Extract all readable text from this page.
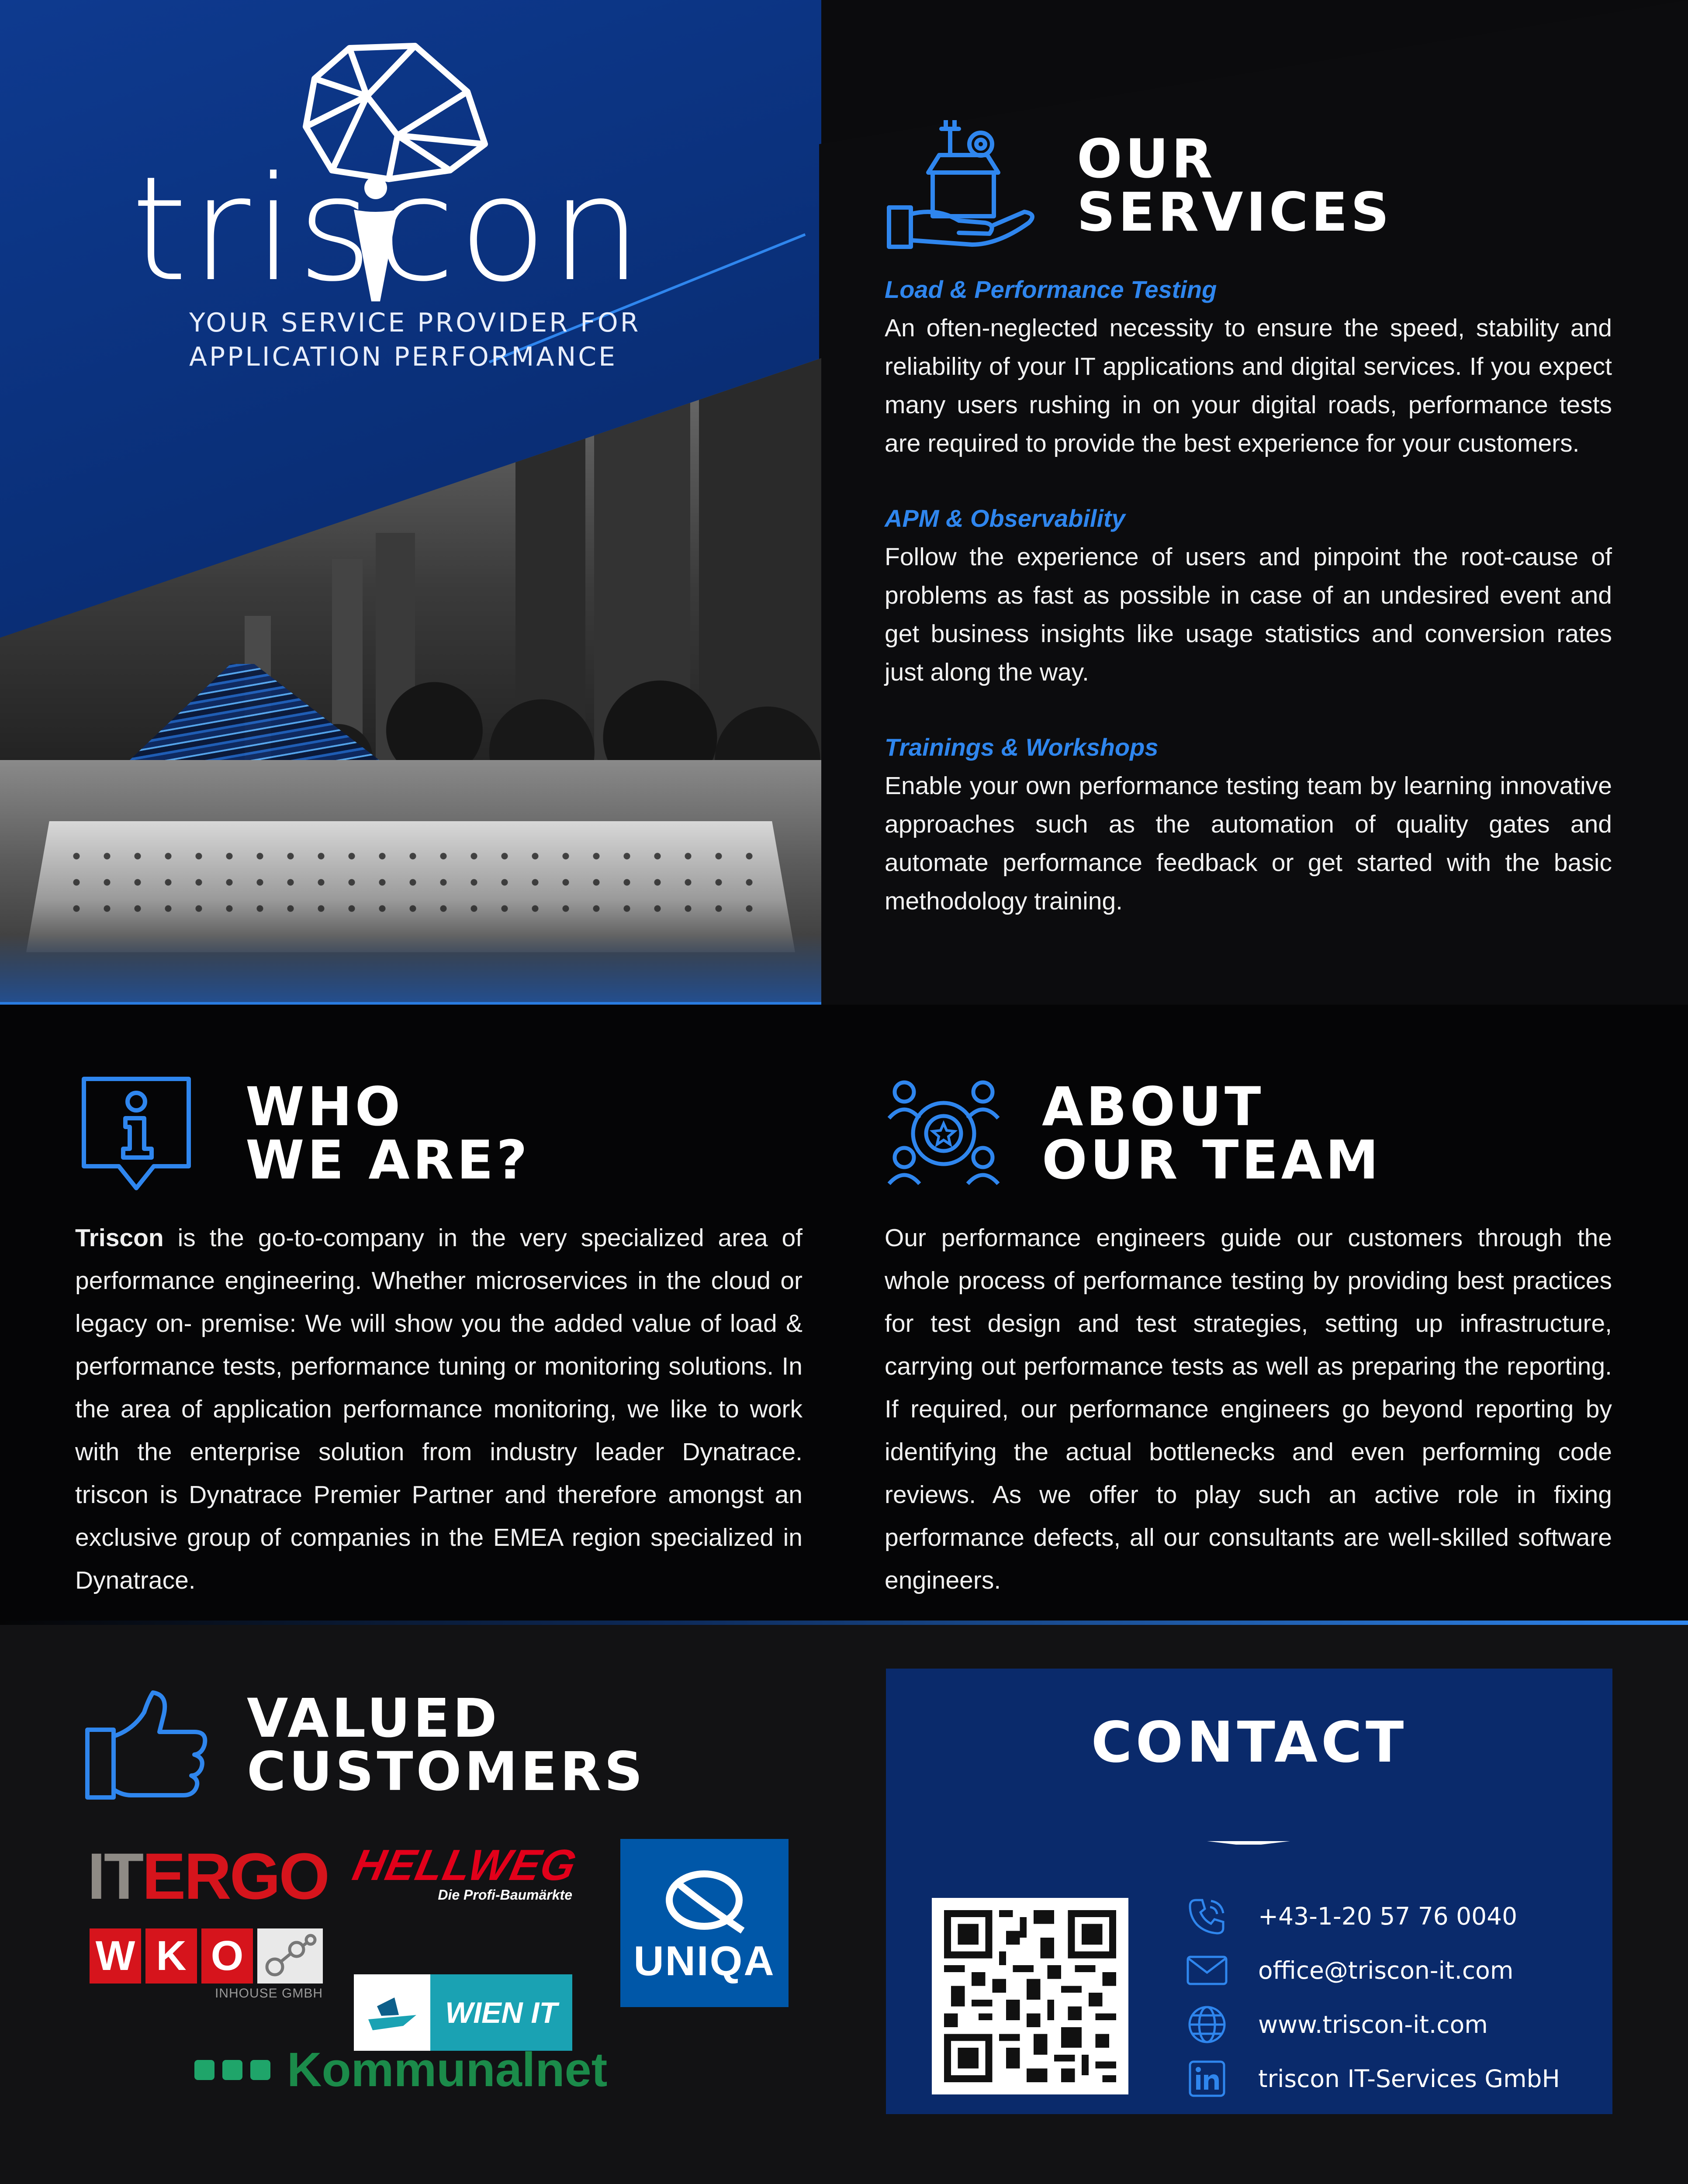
triscon
YOUR SERVICE PROVIDER FOR
APPLICATION PERFORMANCE
OUR
SERVICES
Load & Performance Testing
An often-neglected necessity to ensure the speed, stability and reliability of your IT applications and digital services. If you expect many users rushing in on your digital roads, performance tests are required to provide the best experience for your customers.
APM & Observability
Follow the experience of users and pinpoint the root-cause of problems as fast as possible in case of an undesired event and get business insights like usage statistics and conversion rates just along the way.
Trainings & Workshops
Enable your own performance testing team by learning innovative approaches such as the automation of quality gates and automate performance feedback or get started with the basic methodology training.
WHO
WE ARE?
Triscon is the go-to-company in the very specialized area of performance engineering. Whether microservices in the cloud or legacy on- premise: We will show you the added value of load & performance tests, performance tuning or monitoring solutions. In the area of application performance monitoring, we like to work with the enterprise solution from industry leader Dynatrace. triscon is Dynatrace Premier Partner and therefore amongst an exclusive group of companies in the EMEA region specialized in Dynatrace.
ABOUT
OUR TEAM
Our performance engineers guide our customers through the whole process of performance testing by providing best practices for test design and test strategies, setting up infrastructure, carrying out performance tests as well as preparing the reporting. If required, our performance engineers go beyond reporting by identifying the actual bottlenecks and even performing code reviews. As we offer to play such an active role in fixing performance defects, all our consultants are well-skilled software engineers.
VALUED
CUSTOMERS
ITERGO HELLWEG
Die Profi-Baumärkte
UNIQA
W K O
INHOUSE GMBH
WIEN IT
Kommunalnet
CONTACT
+43-1-20 57 76 0040
office@triscon-it.com
www.triscon-it.com
triscon IT-Services GmbH
